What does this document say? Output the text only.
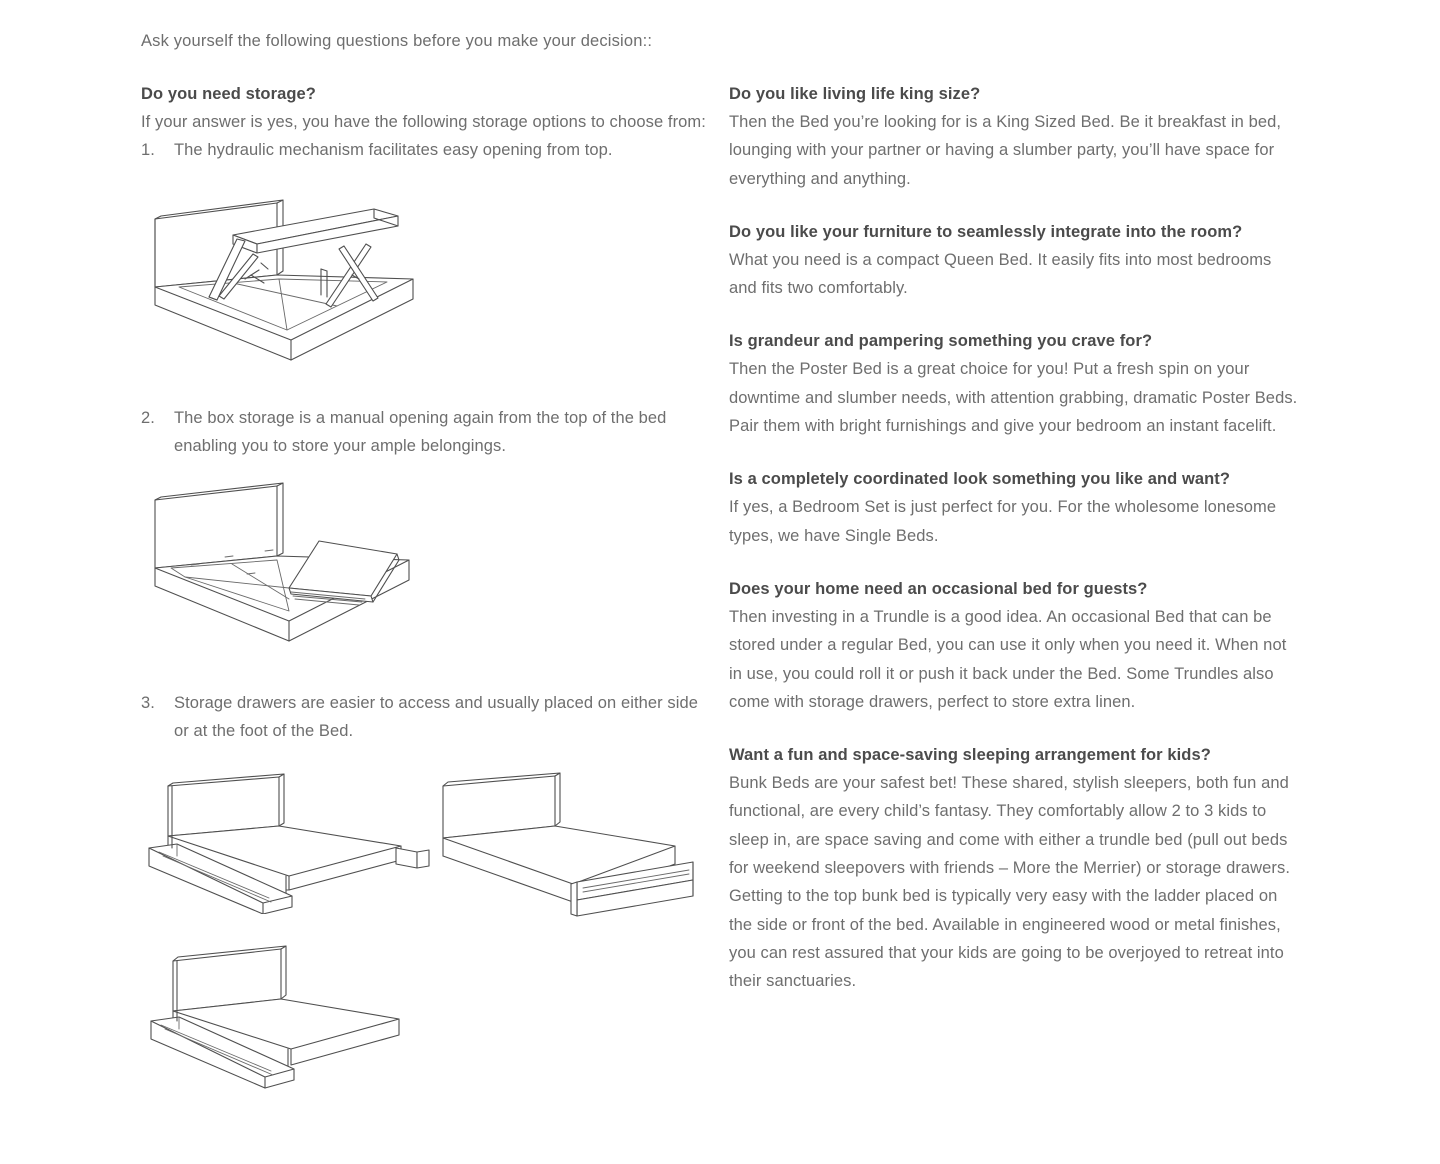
Ask yourself the following questions before you make your decision::
Do you need storage?
If your answer is yes, you have the following storage options to choose from:
1.	The hydraulic mechanism facilitates easy opening from top.
2.	The box storage is a manual opening again from the top of the bed enabling you to store your ample belongings.
3.	Storage drawers are easier to access and usually placed on either side or at the foot of the Bed.
Do you like living life king size?
Then the Bed you’re looking for is a King Sized Bed. Be it breakfast in bed, lounging with your partner or having a slumber party, you’ll have space for everything and anything.
Do you like your furniture to seamlessly integrate into the room?
What you need is a compact Queen Bed. It easily fits into most bedrooms and fits two comfortably.
Is grandeur and pampering something you crave for?
Then the Poster Bed is a great choice for you! Put a fresh spin on your downtime and slumber needs, with attention grabbing, dramatic Poster Beds. Pair them with bright furnishings and give your bedroom an instant facelift.
Is a completely coordinated look something you like and want?
If yes, a Bedroom Set is just perfect for you. For the wholesome lonesome types, we have Single Beds.
Does your home need an occasional bed for guests?
Then investing in a Trundle is a good idea. An occasional Bed that can be stored under a regular Bed, you can use it only when you need it. When not in use, you could roll it or push it back under the Bed. Some Trundles also come with storage drawers, perfect to store extra linen.
Want a fun and space-saving sleeping arrangement for kids?
Bunk Beds are your safest bet! These shared, stylish sleepers, both fun and functional, are every child’s fantasy. They comfortably allow 2 to 3 kids to sleep in, are space saving and come with either a trundle bed (pull out beds for weekend sleepovers with friends – More the Merrier) or storage drawers. Getting to the top bunk bed is typically very easy with the ladder placed on the side or front of the bed. Available in engineered wood or metal finishes, you can rest assured that your kids are going to be overjoyed to retreat into their sanctuaries.
